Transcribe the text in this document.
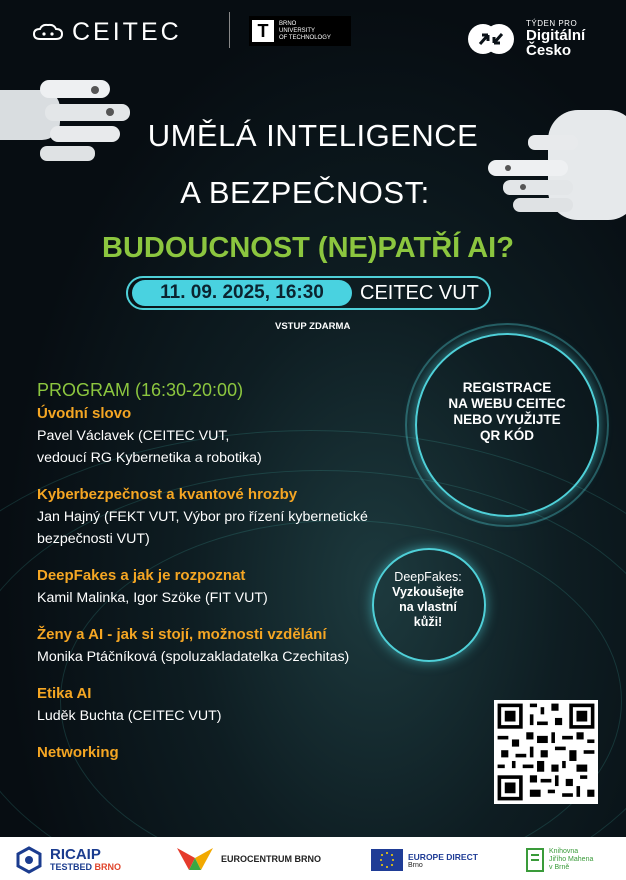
CEITEC	T	BRNO
UNIVERSITY
OF TECHNOLOGY
TÝDEN PRO
Digitální
Česko
UMĚLÁ INTELIGENCE
A BEZPEČNOST:
BUDOUCNOST (NE)PATŘÍ AI?
11. 09. 2025, 16:30	CEITEC VUT
VSTUP ZDARMA
PROGRAM (16:30-20:00)
Úvodní slovo
Pavel Václavek (CEITEC VUT,
vedoucí RG Kybernetika a robotika)
Kyberbezpečnost a kvantové hrozby
Jan Hajný (FEKT VUT, Výbor pro řízení kybernetické
bezpečnosti VUT)
DeepFakes a jak je rozpoznat
Kamil Malinka, Igor Szöke (FIT VUT)
Ženy a AI - jak si stojí, možnosti vzdělání
Monika Ptáčníková (spoluzakladatelka Czechitas)
Etika AI
Luděk Buchta (CEITEC VUT)
Networking
REGISTRACE
NA WEBU CEITEC
NEBO VYUŽIJTE
QR KÓD
DeepFakes:
Vyzkoušejte
na vlastní
kůži!
RICAIP
TESTBED BRNO
EUROCENTRUM BRNO	EUROPE DIRECT
Brno
Knihovna
Jiřího Mahena
v Brně
